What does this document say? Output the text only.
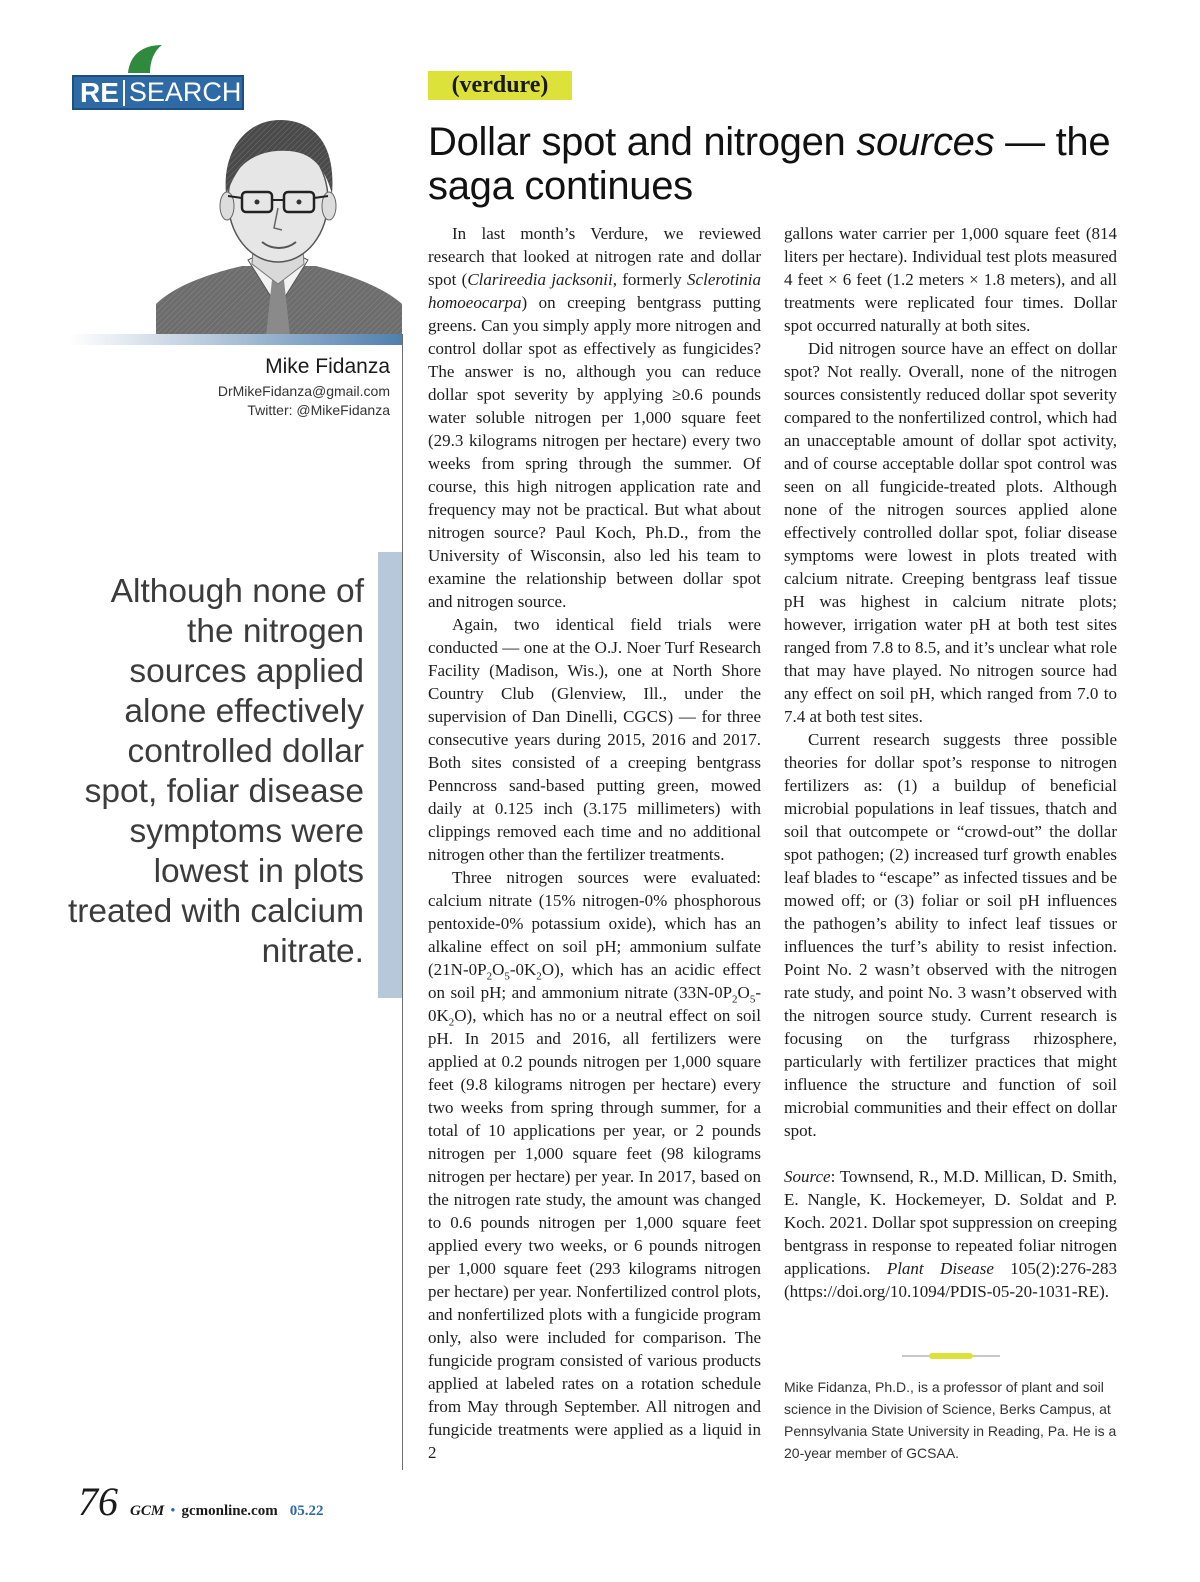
RE SEARCH
Mike Fidanza
DrMikeFidanza@gmail.com
Twitter: @MikeFidanza
Although none of the nitrogen sources applied alone effectively controlled dollar spot, foliar disease symptoms were lowest in plots treated with calcium nitrate.
(verdure)
Dollar spot and nitrogen sources — the saga continues

In last month’s Verdure, we reviewed research that looked at nitrogen rate and dollar spot (Clarireedia jacksonii, formerly Sclerotinia homoeocarpa) on creeping bentgrass putting greens. Can you simply apply more nitrogen and control dollar spot as effectively as fungicides? The answer is no, although you can reduce dollar spot severity by applying ≥0.6 pounds water soluble nitrogen per 1,000 square feet (29.3 kilograms nitrogen per hectare) every two weeks from spring through the summer. Of course, this high nitrogen application rate and frequency may not be practical. But what about nitrogen source? Paul Koch, Ph.D., from the University of Wisconsin, also led his team to examine the relationship between dollar spot and nitrogen source.

Again, two identical field trials were conducted — one at the O.J. Noer Turf Research Facility (Madison, Wis.), one at North Shore Country Club (Glenview, Ill., under the supervision of Dan Dinelli, CGCS) — for three consecutive years during 2015, 2016 and 2017. Both sites consisted of a creeping bentgrass Penncross sand-based putting green, mowed daily at 0.125 inch (3.175 millimeters) with clippings removed each time and no additional nitrogen other than the fertilizer treatments.

Three nitrogen sources were evaluated: calcium nitrate (15% nitrogen-0% phosphorous pentoxide-0% potassium oxide), which has an alkaline effect on soil pH; ammonium sulfate $(21N-0P_2O_5-0K_2O)$, which has an acidic effect on soil pH; and ammonium nitrate $(33N-0P_2O_5-0K_2O)$, which has no or a neutral effect on soil pH. In 2015 and 2016, all fertilizers were applied at 0.2 pounds nitrogen per 1,000 square feet (9.8 kilograms nitrogen per hectare) every two weeks from spring through summer, for a total of 10 applications per year, or 2 pounds nitrogen per 1,000 square feet (98 kilograms nitrogen per hectare) per year. In 2017, based on the nitrogen rate study, the amount was changed to 0.6 pounds nitrogen per 1,000 square feet applied every two weeks, or 6 pounds nitrogen per 1,000 square feet (293 kilograms nitrogen per hectare) per year. Nonfertilized control plots, and nonfertilized plots with a fungicide program only, also were included for comparison. The fungicide program consisted of various products applied at labeled rates on a rotation schedule from May through September. All nitrogen and fungicide treatments were applied as a liquid in 2

gallons water carrier per 1,000 square feet (814 liters per hectare). Individual test plots measured 4 feet × 6 feet (1.2 meters × 1.8 meters), and all treatments were replicated four times. Dollar spot occurred naturally at both sites.

Did nitrogen source have an effect on dollar spot? Not really. Overall, none of the nitrogen sources consistently reduced dollar spot severity compared to the nonfertilized control, which had an unacceptable amount of dollar spot activity, and of course acceptable dollar spot control was seen on all fungicide-treated plots. Although none of the nitrogen sources applied alone effectively controlled dollar spot, foliar disease symptoms were lowest in plots treated with calcium nitrate. Creeping bentgrass leaf tissue pH was highest in calcium nitrate plots; however, irrigation water pH at both test sites ranged from 7.8 to 8.5, and it’s unclear what role that may have played. No nitrogen source had any effect on soil pH, which ranged from 7.0 to 7.4 at both test sites.

Current research suggests three possible theories for dollar spot’s response to nitrogen fertilizers as: (1) a buildup of beneficial microbial populations in leaf tissues, thatch and soil that outcompete or “crowd-out” the dollar spot pathogen; (2) increased turf growth enables leaf blades to “escape” as infected tissues and be mowed off; or (3) foliar or soil pH influences the pathogen’s ability to infect leaf tissues or influences the turf’s ability to resist infection. Point No. 2 wasn’t observed with the nitrogen rate study, and point No. 3 wasn’t observed with the nitrogen source study. Current research is focusing on the turfgrass rhizosphere, particularly with fertilizer practices that might influence the structure and function of soil microbial communities and their effect on dollar spot.

Source: Townsend, R., M.D. Millican, D. Smith, E. Nangle, K. Hockemeyer, D. Soldat and P. Koch. 2021. Dollar spot suppression on creeping bentgrass in response to repeated foliar nitrogen applications. Plant Disease 105(2):276-283 (https://doi.org/10.1094/PDIS-05-20-1031-RE).

Mike Fidanza, Ph.D., is a professor of plant and soil science in the Division of Science, Berks Campus, at Pennsylvania State University in Reading, Pa. He is a 20-year member of GCSAA.
76 GCM • gcmonline.com 05.22
